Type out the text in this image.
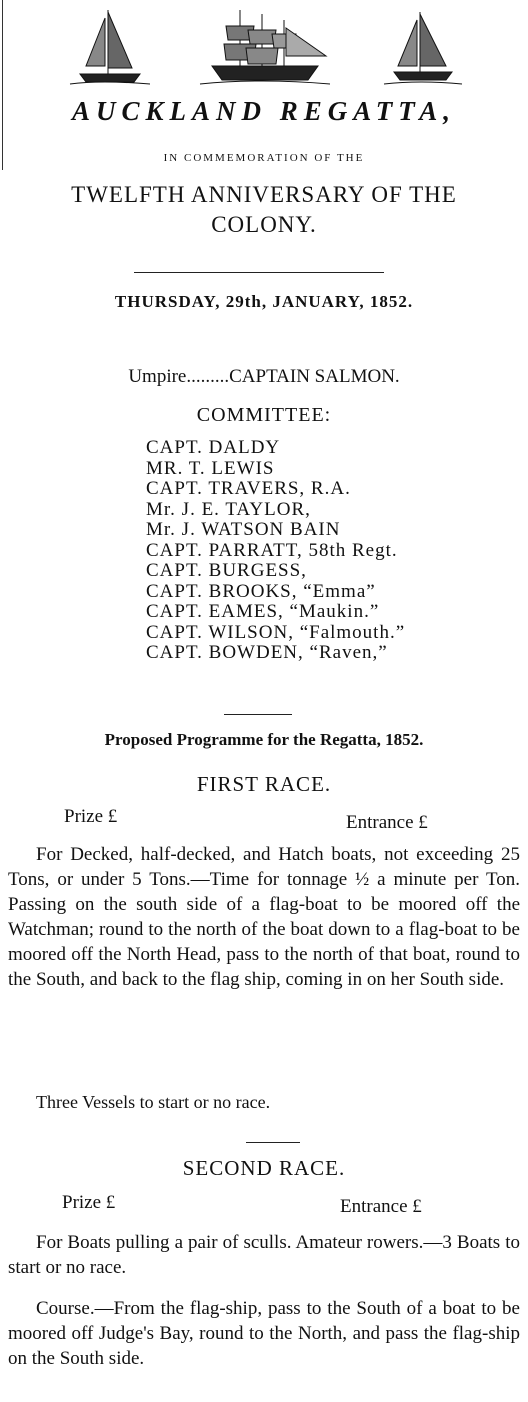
AUCKLAND REGATTA,
IN COMMEMORATION OF THE
TWELFTH ANNIVERSARY OF THE
COLONY.
THURSDAY, 29th, JANUARY, 1852.
Umpire.........CAPTAIN SALMON.
COMMITTEE:
CAPT. DALDY
MR. T. LEWIS
CAPT. TRAVERS, R.A.
Mr. J. E. TAYLOR,
Mr. J. WATSON BAIN
CAPT. PARRATT, 58th Regt.
CAPT. BURGESS,
CAPT. BROOKS, “Emma”
CAPT. EAMES, “Maukin.”
CAPT. WILSON, “Falmouth.”
CAPT. BOWDEN, “Raven,”
Proposed Programme for the Regatta, 1852.
FIRST RACE.
Prize £	Entrance £
For Decked, half-decked, and Hatch boats, not exceeding 25 Tons, or under 5 Tons.—Time for tonnage ½ a minute per Ton. Passing on the south side of a flag-boat to be moored off the Watchman; round to the north of the boat down to a flag-boat to be moored off the North Head, pass to the north of that boat, round to the South, and back to the flag ship, coming in on her South side.
Three Vessels to start or no race.
SECOND RACE.
Prize £	Entrance £
For Boats pulling a pair of sculls. Amateur rowers.—3 Boats to start or no race.
Course.—From the flag-ship, pass to the South of a boat to be moored off Judge's Bay, round to the North, and pass the flag-ship on the South side.
